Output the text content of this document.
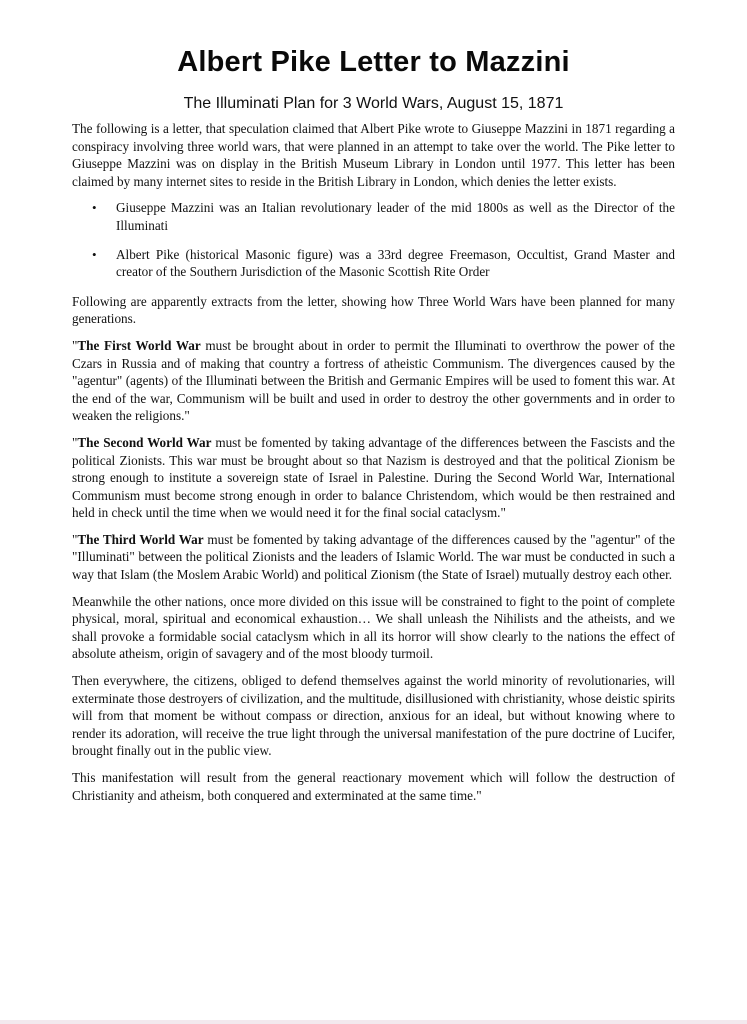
Albert Pike Letter to Mazzini
The Illuminati Plan for 3 World Wars, August 15, 1871

The following is a letter, that speculation claimed that Albert Pike wrote to Giuseppe Mazzini in 1871 regarding a conspiracy involving three world wars, that were planned in an attempt to take over the world. The Pike letter to Giuseppe Mazzini was on display in the British Museum Library in London until 1977. This letter has been claimed by many internet sites to reside in the British Library in London, which denies the letter exists.

• Giuseppe Mazzini was an Italian revolutionary leader of the mid 1800s as well as the Director of the Illuminati
• Albert Pike (historical Masonic figure) was a 33rd degree Freemason, Occultist, Grand Master and creator of the Southern Jurisdiction of the Masonic Scottish Rite Order

Following are apparently extracts from the letter, showing how Three World Wars have been planned for many generations.

"The First World War must be brought about in order to permit the Illuminati to overthrow the power of the Czars in Russia and of making that country a fortress of atheistic Communism. The divergences caused by the "agentur" (agents) of the Illuminati between the British and Germanic Empires will be used to foment this war. At the end of the war, Communism will be built and used in order to destroy the other governments and in order to weaken the religions."

"The Second World War must be fomented by taking advantage of the differences between the Fascists and the political Zionists. This war must be brought about so that Nazism is destroyed and that the political Zionism be strong enough to institute a sovereign state of Israel in Palestine. During the Second World War, International Communism must become strong enough in order to balance Christendom, which would be then restrained and held in check until the time when we would need it for the final social cataclysm."

"The Third World War must be fomented by taking advantage of the differences caused by the "agentur" of the "Illuminati" between the political Zionists and the leaders of Islamic World. The war must be conducted in such a way that Islam (the Moslem Arabic World) and political Zionism (the State of Israel) mutually destroy each other.

Meanwhile the other nations, once more divided on this issue will be constrained to fight to the point of complete physical, moral, spiritual and economical exhaustion… We shall unleash the Nihilists and the atheists, and we shall provoke a formidable social cataclysm which in all its horror will show clearly to the nations the effect of absolute atheism, origin of savagery and of the most bloody turmoil.

Then everywhere, the citizens, obliged to defend themselves against the world minority of revolutionaries, will exterminate those destroyers of civilization, and the multitude, disillusioned with christianity, whose deistic spirits will from that moment be without compass or direction, anxious for an ideal, but without knowing where to render its adoration, will receive the true light through the universal manifestation of the pure doctrine of Lucifer, brought finally out in the public view.

This manifestation will result from the general reactionary movement which will follow the destruction of Christianity and atheism, both conquered and exterminated at the same time."
